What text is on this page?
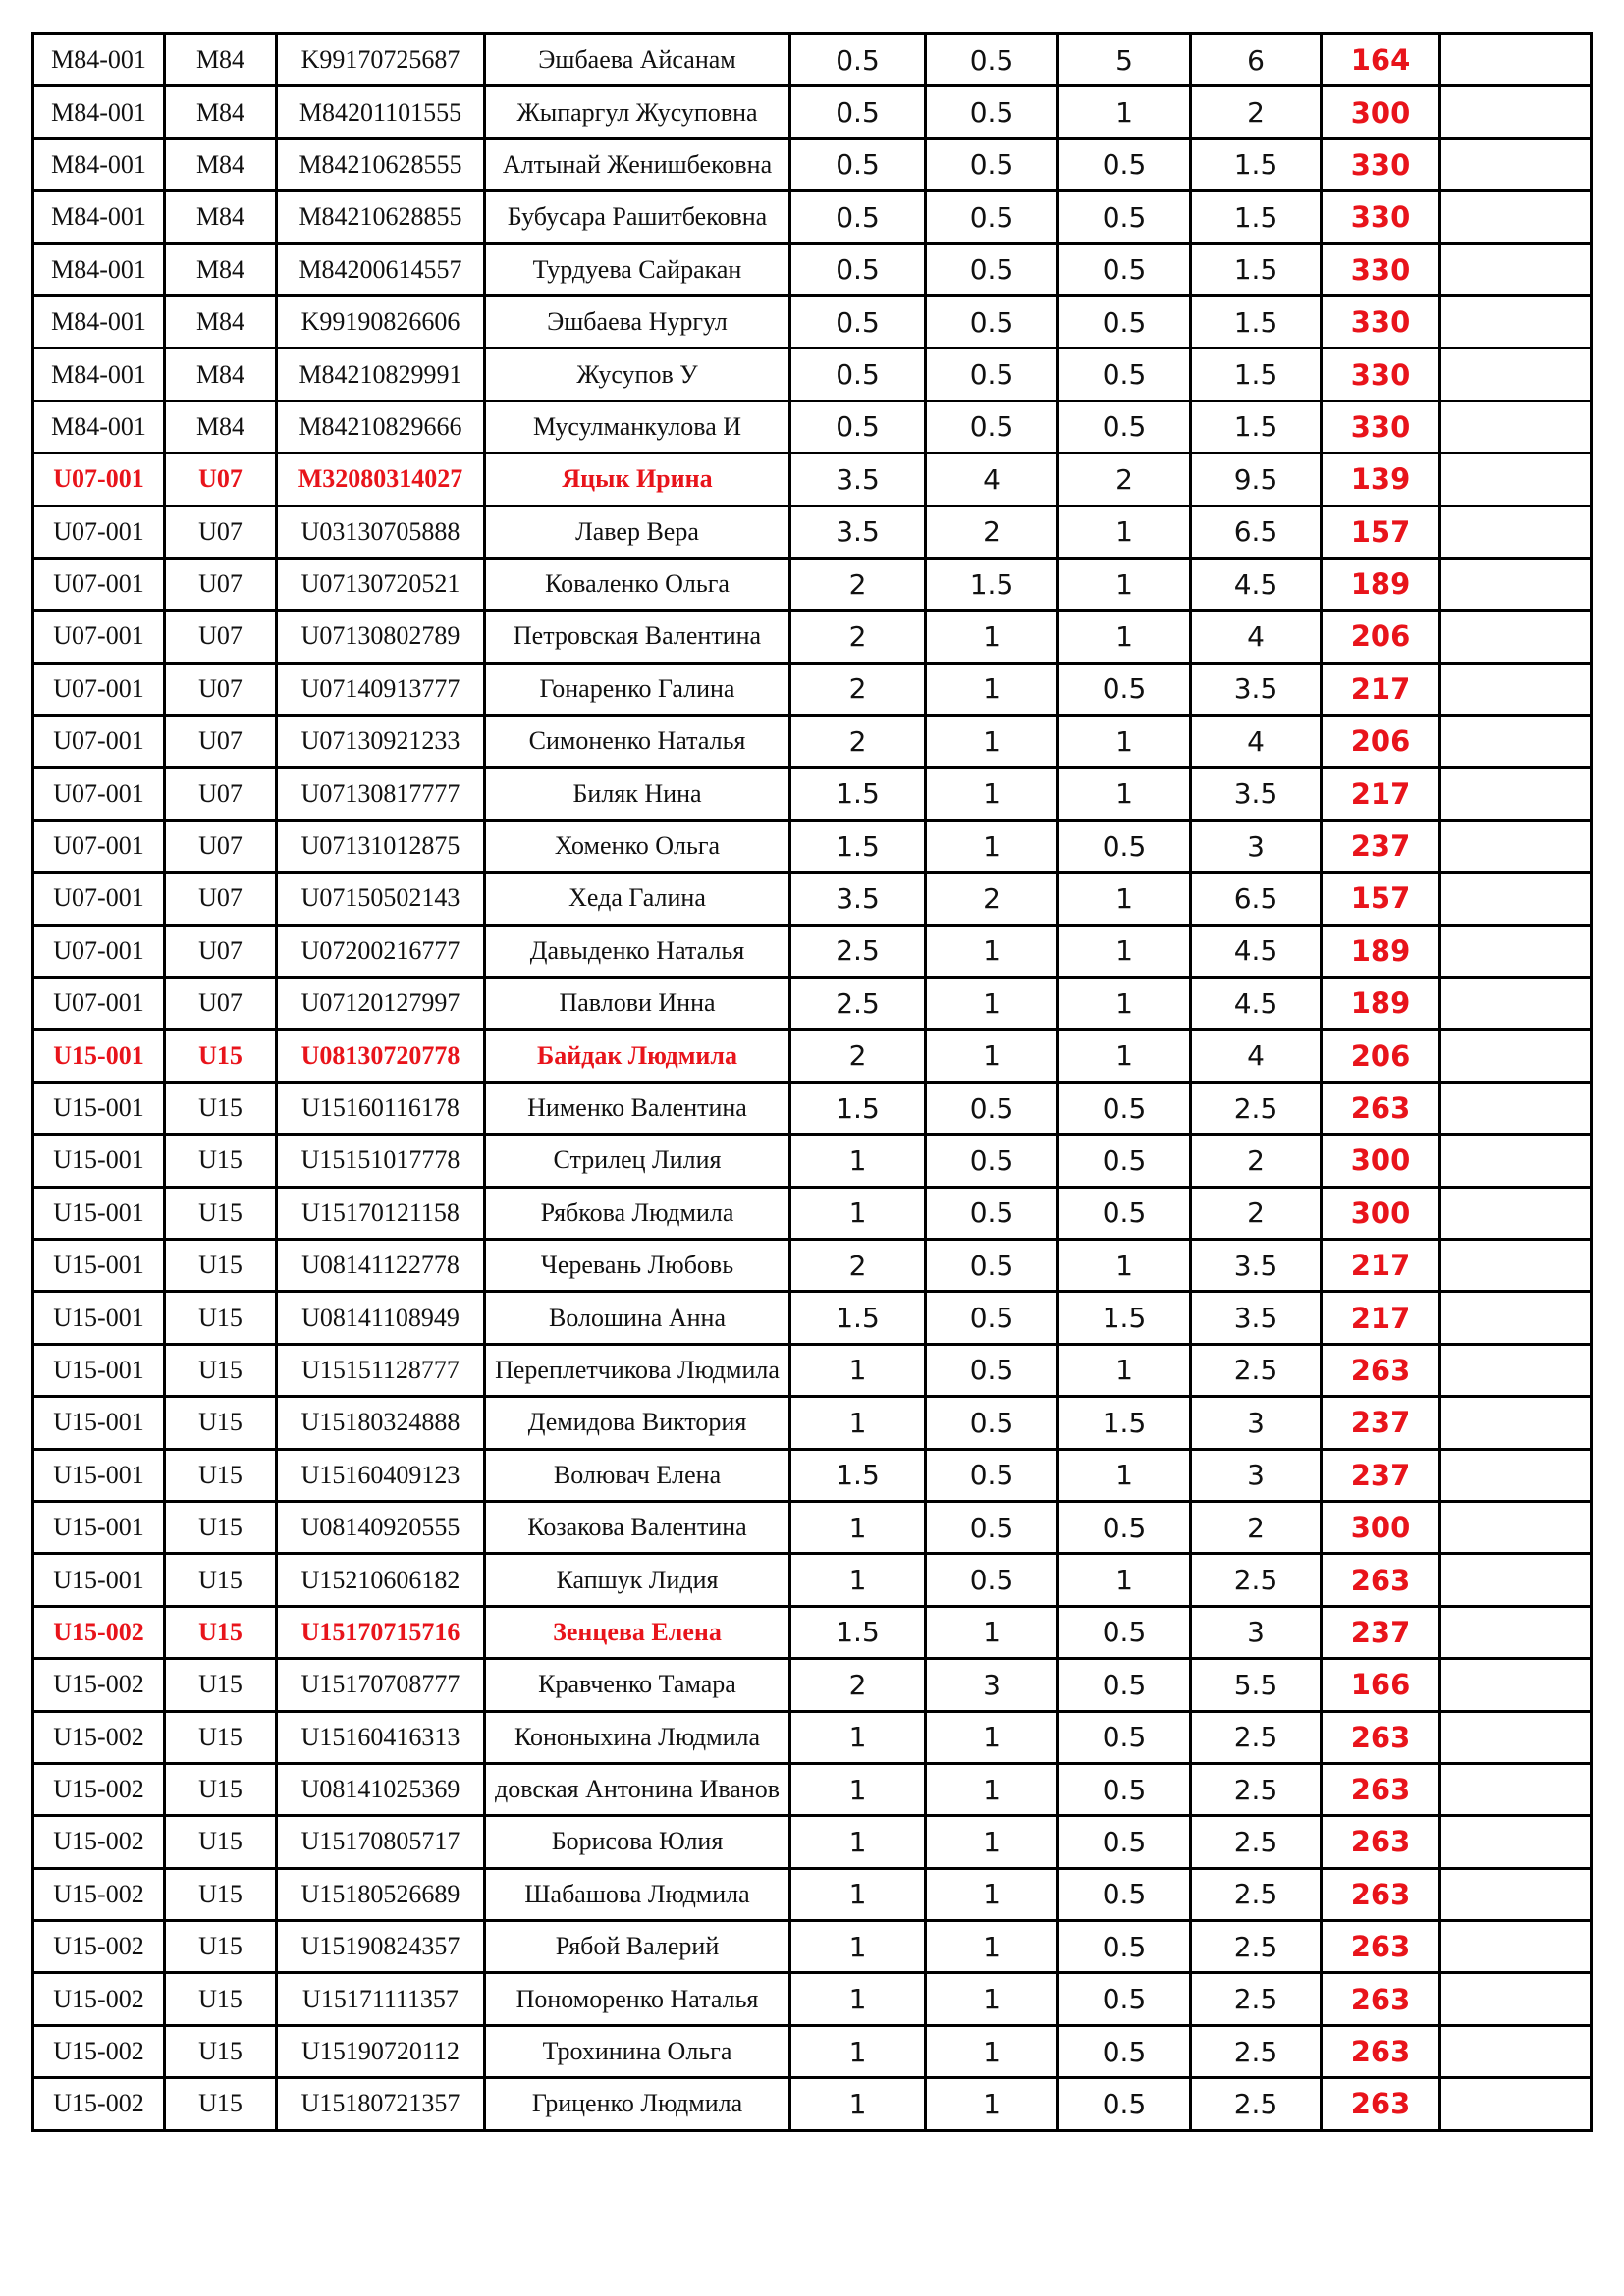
M84-001	M84	K99170725687	Эшбаева Айсанам	0.5	0.5	5	6	164	
M84-001	M84	M84201101555	Жыпаргул Жусуповна	0.5	0.5	1	2	300	
M84-001	M84	M84210628555	Алтынай Женишбековна	0.5	0.5	0.5	1.5	330	
M84-001	M84	M84210628855	Бубусара Рашитбековна	0.5	0.5	0.5	1.5	330	
M84-001	M84	M84200614557	Турдуева Сайракан	0.5	0.5	0.5	1.5	330	
M84-001	M84	K99190826606	Эшбаева Нургул	0.5	0.5	0.5	1.5	330	
M84-001	M84	M84210829991	Жусупов У	0.5	0.5	0.5	1.5	330	
M84-001	M84	M84210829666	Мусулманкулова И	0.5	0.5	0.5	1.5	330	
U07-001	U07	M32080314027	Яцык Ирина	3.5	4	2	9.5	139	
U07-001	U07	U03130705888	Лавер Вера	3.5	2	1	6.5	157	
U07-001	U07	U07130720521	Коваленко Ольга	2	1.5	1	4.5	189	
U07-001	U07	U07130802789	Петровская Валентина	2	1	1	4	206	
U07-001	U07	U07140913777	Гонаренко Галина	2	1	0.5	3.5	217	
U07-001	U07	U07130921233	Симоненко Наталья	2	1	1	4	206	
U07-001	U07	U07130817777	Биляк Нина	1.5	1	1	3.5	217	
U07-001	U07	U07131012875	Хоменко Ольга	1.5	1	0.5	3	237	
U07-001	U07	U07150502143	Хеда Галина	3.5	2	1	6.5	157	
U07-001	U07	U07200216777	Давыденко Наталья	2.5	1	1	4.5	189	
U07-001	U07	U07120127997	Павлови Инна	2.5	1	1	4.5	189	
U15-001	U15	U08130720778	Байдак Людмила	2	1	1	4	206	
U15-001	U15	U15160116178	Нименко Валентина	1.5	0.5	0.5	2.5	263	
U15-001	U15	U15151017778	Стрилец Лилия	1	0.5	0.5	2	300	
U15-001	U15	U15170121158	Рябкова Людмила	1	0.5	0.5	2	300	
U15-001	U15	U08141122778	Черевань Любовь	2	0.5	1	3.5	217	
U15-001	U15	U08141108949	Волошина Анна	1.5	0.5	1.5	3.5	217	
U15-001	U15	U15151128777	Переплетчикова Людмила	1	0.5	1	2.5	263	
U15-001	U15	U15180324888	Демидова Виктория	1	0.5	1.5	3	237	
U15-001	U15	U15160409123	Волювач Елена	1.5	0.5	1	3	237	
U15-001	U15	U08140920555	Козакова Валентина	1	0.5	0.5	2	300	
U15-001	U15	U15210606182	Капшук Лидия	1	0.5	1	2.5	263	
U15-002	U15	U15170715716	Зенцева Елена	1.5	1	0.5	3	237	
U15-002	U15	U15170708777	Кравченко Тамара	2	3	0.5	5.5	166	
U15-002	U15	U15160416313	Кононыхина Людмила	1	1	0.5	2.5	263	
U15-002	U15	U08141025369	довская Антонина Иванов	1	1	0.5	2.5	263	
U15-002	U15	U15170805717	Борисова Юлия	1	1	0.5	2.5	263	
U15-002	U15	U15180526689	Шабашова Людмила	1	1	0.5	2.5	263	
U15-002	U15	U15190824357	Рябой Валерий	1	1	0.5	2.5	263	
U15-002	U15	U15171111357	Пономоренко Наталья	1	1	0.5	2.5	263	
U15-002	U15	U15190720112	Трохинина Ольга	1	1	0.5	2.5	263	
U15-002	U15	U15180721357	Гриценко Людмила	1	1	0.5	2.5	263	
